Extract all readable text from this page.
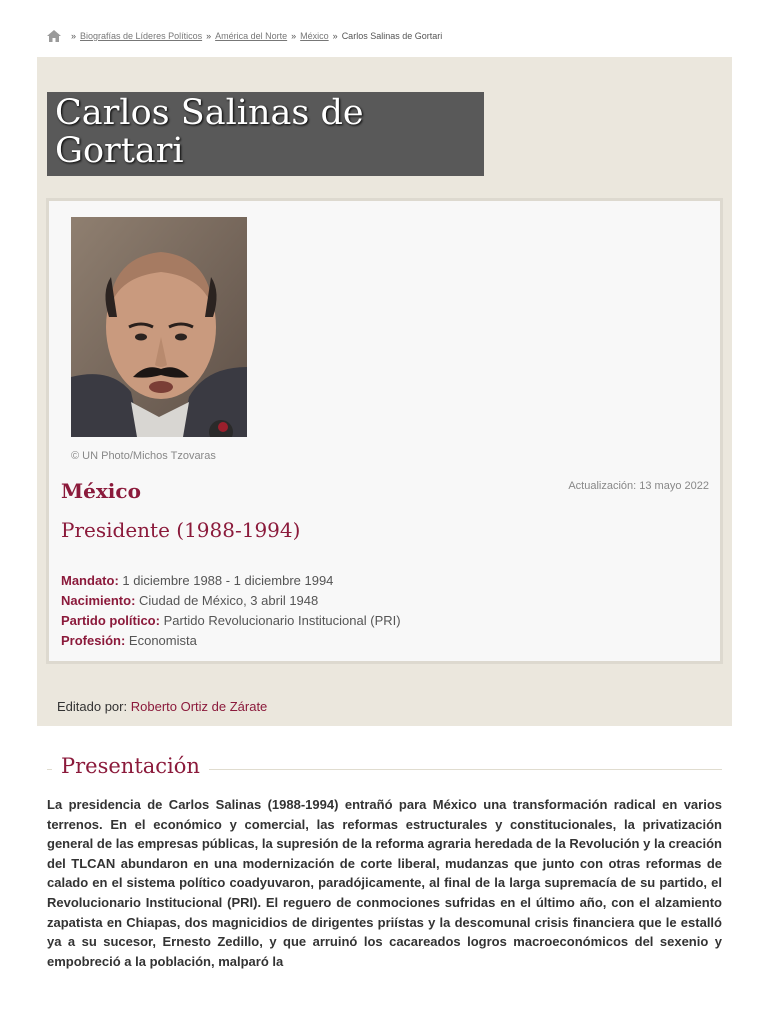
» Biografías de Líderes Políticos » América del Norte » México » Carlos Salinas de Gortari
Carlos Salinas de Gortari
© UN Photo/Michos Tzovaras
Actualización: 13 mayo 2022
México
Presidente (1988-1994)
Mandato: 1 diciembre 1988 - 1 diciembre 1994
Nacimiento: Ciudad de México, 3 abril 1948
Partido político: Partido Revolucionario Institucional (PRI)
Profesión: Economista
Editado por: Roberto Ortiz de Zárate
Presentación

La presidencia de Carlos Salinas (1988-1994) entrañó para México una transformación radical en varios terrenos. En el económico y comercial, las reformas estructurales y constitucionales, la privatización general de las empresas públicas, la supresión de la reforma agraria heredada de la Revolución y la creación del TLCAN abundaron en una modernización de corte liberal, mudanzas que junto con otras reformas de calado en el sistema político coadyuvaron, paradójicamente, al final de la larga supremacía de su partido, el Revolucionario Institucional (PRI). El reguero de conmociones sufridas en el último año, con el alzamiento zapatista en Chiapas, dos magnicidios de dirigentes priístas y la descomunal crisis financiera que le estalló ya a su sucesor, Ernesto Zedillo, y que arruinó los cacareados logros macroeconómicos del sexenio y empobreció a la población, malparó la
